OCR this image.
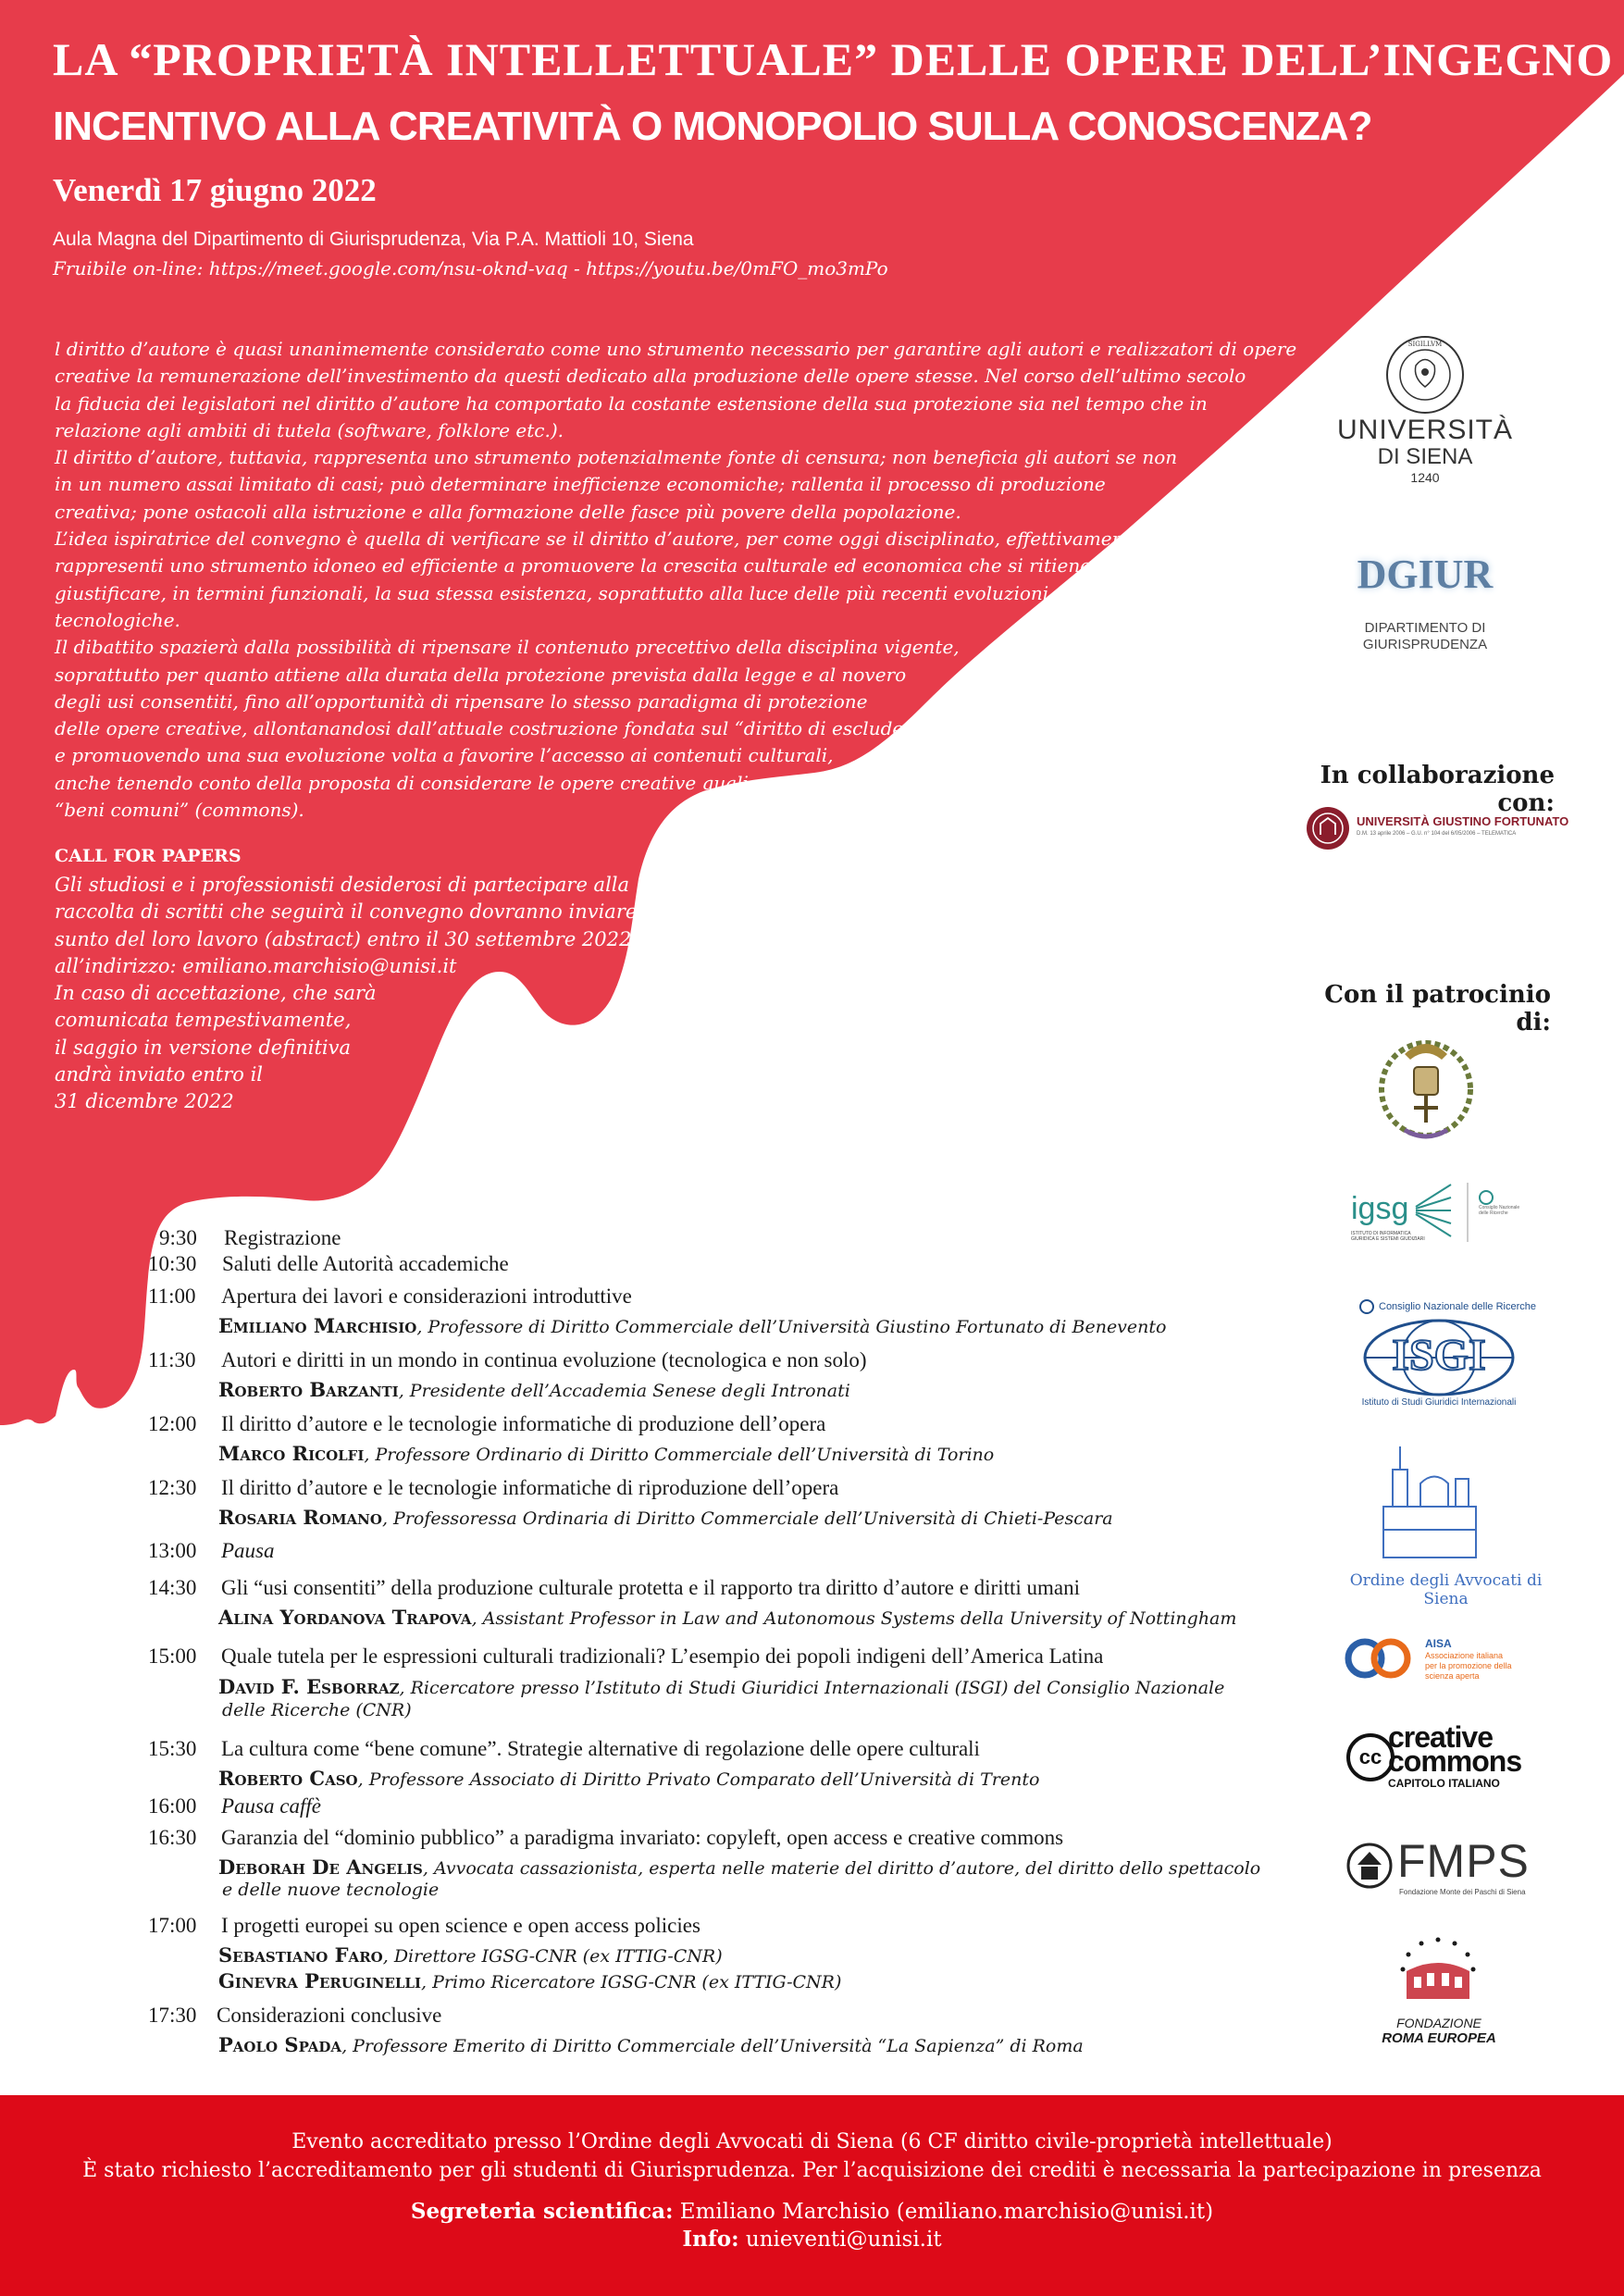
LA “PROPRIETÀ INTELLETTUALE” DELLE OPERE DELL’INGEGNO
INCENTIVO ALLA CREATIVITÀ O MONOPOLIO SULLA CONOSCENZA?
Venerdì 17 giugno 2022
Aula Magna del Dipartimento di Giurisprudenza, Via P.A. Mattioli 10, Siena
Fruibile on-line: https://meet.google.com/nsu-oknd-vaq - https://youtu.be/0mFO_mo3mPo
l diritto d’autore è quasi unanimemente considerato come uno strumento necessario per garantire agli autori e realizzatori di opere
creative la remunerazione dell’investimento da questi dedicato alla produzione delle opere stesse. Nel corso dell’ultimo secolo
la fiducia dei legislatori nel diritto d’autore ha comportato la costante estensione della sua protezione sia nel tempo che in
relazione agli ambiti di tutela (software, folklore etc.).
Il diritto d’autore, tuttavia, rappresenta uno strumento potenzialmente fonte di censura; non beneficia gli autori se non
in un numero assai limitato di casi; può determinare inefficienze economiche; rallenta il processo di produzione
creativa; pone ostacoli alla istruzione e alla formazione delle fasce più povere della popolazione.
L’idea ispiratrice del convegno è quella di verificare se il diritto d’autore, per come oggi disciplinato, effettivamente
rappresenti uno strumento idoneo ed efficiente a promuovere la crescita culturale ed economica che si ritiene
giustificare, in termini funzionali, la sua stessa esistenza, soprattutto alla luce delle più recenti evoluzioni
tecnologiche.
Il dibattito spazierà dalla possibilità di ripensare il contenuto precettivo della disciplina vigente,
soprattutto per quanto attiene alla durata della protezione prevista dalla legge e al novero
degli usi consentiti, fino all’opportunità di ripensare lo stesso paradigma di protezione
delle opere creative, allontanandosi dall’attuale costruzione fondata sul “diritto di escludere”
e promuovendo una sua evoluzione volta a favorire l’accesso ai contenuti culturali,
anche tenendo conto della proposta di considerare le opere creative quali
“beni comuni” (commons).
CALL FOR PAPERS
Gli studiosi e i professionisti desiderosi di partecipare alla
raccolta di scritti che seguirà il convegno dovranno inviare un
sunto del loro lavoro (abstract) entro il 30 settembre 2022
all’indirizzo: emiliano.marchisio@unisi.it
In caso di accettazione, che sarà
comunicata tempestivamente,
il saggio in versione definitiva
andrà inviato entro il
31 dicembre 2022
9:30 Registrazione
10:30 Saluti delle Autorità accademiche
11:00 Apertura dei lavori e considerazioni introduttive
Emiliano Marchisio, Professore di Diritto Commerciale dell’Università Giustino Fortunato di Benevento
11:30 Autori e diritti in un mondo in continua evoluzione (tecnologica e non solo)
Roberto Barzanti, Presidente dell’Accademia Senese degli Intronati
12:00 Il diritto d’autore e le tecnologie informatiche di produzione dell’opera
Marco Ricolfi, Professore Ordinario di Diritto Commerciale dell’Università di Torino
12:30 Il diritto d’autore e le tecnologie informatiche di riproduzione dell’opera
Rosaria Romano, Professoressa Ordinaria di Diritto Commerciale dell’Università di Chieti-Pescara
13:00 Pausa
14:30 Gli “usi consentiti” della produzione culturale protetta e il rapporto tra diritto d’autore e diritti umani
Alina Yordanova Trapova, Assistant Professor in Law and Autonomous Systems della University of Nottingham
15:00 Quale tutela per le espressioni culturali tradizionali? L’esempio dei popoli indigeni dell’America Latina
David F. Esborraz, Ricercatore presso l’Istituto di Studi Giuridici Internazionali (ISGI) del Consiglio Nazionale
delle Ricerche (CNR)
15:30 La cultura come “bene comune”. Strategie alternative di regolazione delle opere culturali
Roberto Caso, Professore Associato di Diritto Privato Comparato dell’Università di Trento
16:00 Pausa caffè
16:30 Garanzia del “dominio pubblico” a paradigma invariato: copyleft, open access e creative commons
Deborah De Angelis, Avvocata cassazionista, esperta nelle materie del diritto d’autore, del diritto dello spettacolo
e delle nuove tecnologie
17:00 I progetti europei su open science e open access policies
Sebastiano Faro, Direttore IGSG-CNR (ex ITTIG-CNR)
Ginevra Peruginelli, Primo Ricercatore IGSG-CNR (ex ITTIG-CNR)
17:30 Considerazioni conclusive
Paolo Spada, Professore Emerito di Diritto Commerciale dell’Università “La Sapienza” di Roma
SIGILLVM
UNIVERSITÀ
DI SIENA
1240
DGIUR
DIPARTIMENTO DI
GIURISPRUDENZA
In collaborazione con:
UNIVERSITÀ GIUSTINO FORTUNATO
D.M. 13 aprile 2006 – G.U. n° 104 del 6/05/2006 – TELEMATICA
Con il patrocinio di:
igsg
ISTITUTO DI INFORMATICA GIURIDICA E SISTEMI GIUDIZIARI
Consiglio Nazionale delle Ricerche
Consiglio Nazionale delle Ricerche
ISGI
Istituto di Studi Giuridici Internazionali
Ordine degli Avvocati di Siena
AISA
Associazione italiana
per la promozione della
scienza aperta
cc
creative
commons
CAPITOLO ITALIANO
FMPS
Fondazione Monte dei Paschi di Siena
FONDAZIONE
ROMA EUROPEA
Evento accreditato presso l’Ordine degli Avvocati di Siena (6 CF diritto civile-proprietà intellettuale)
È stato richiesto l’accreditamento per gli studenti di Giurisprudenza. Per l’acquisizione dei crediti è necessaria la partecipazione in presenza
Segreteria scientifica: Emiliano Marchisio (emiliano.marchisio@unisi.it)
Info: unieventi@unisi.it
